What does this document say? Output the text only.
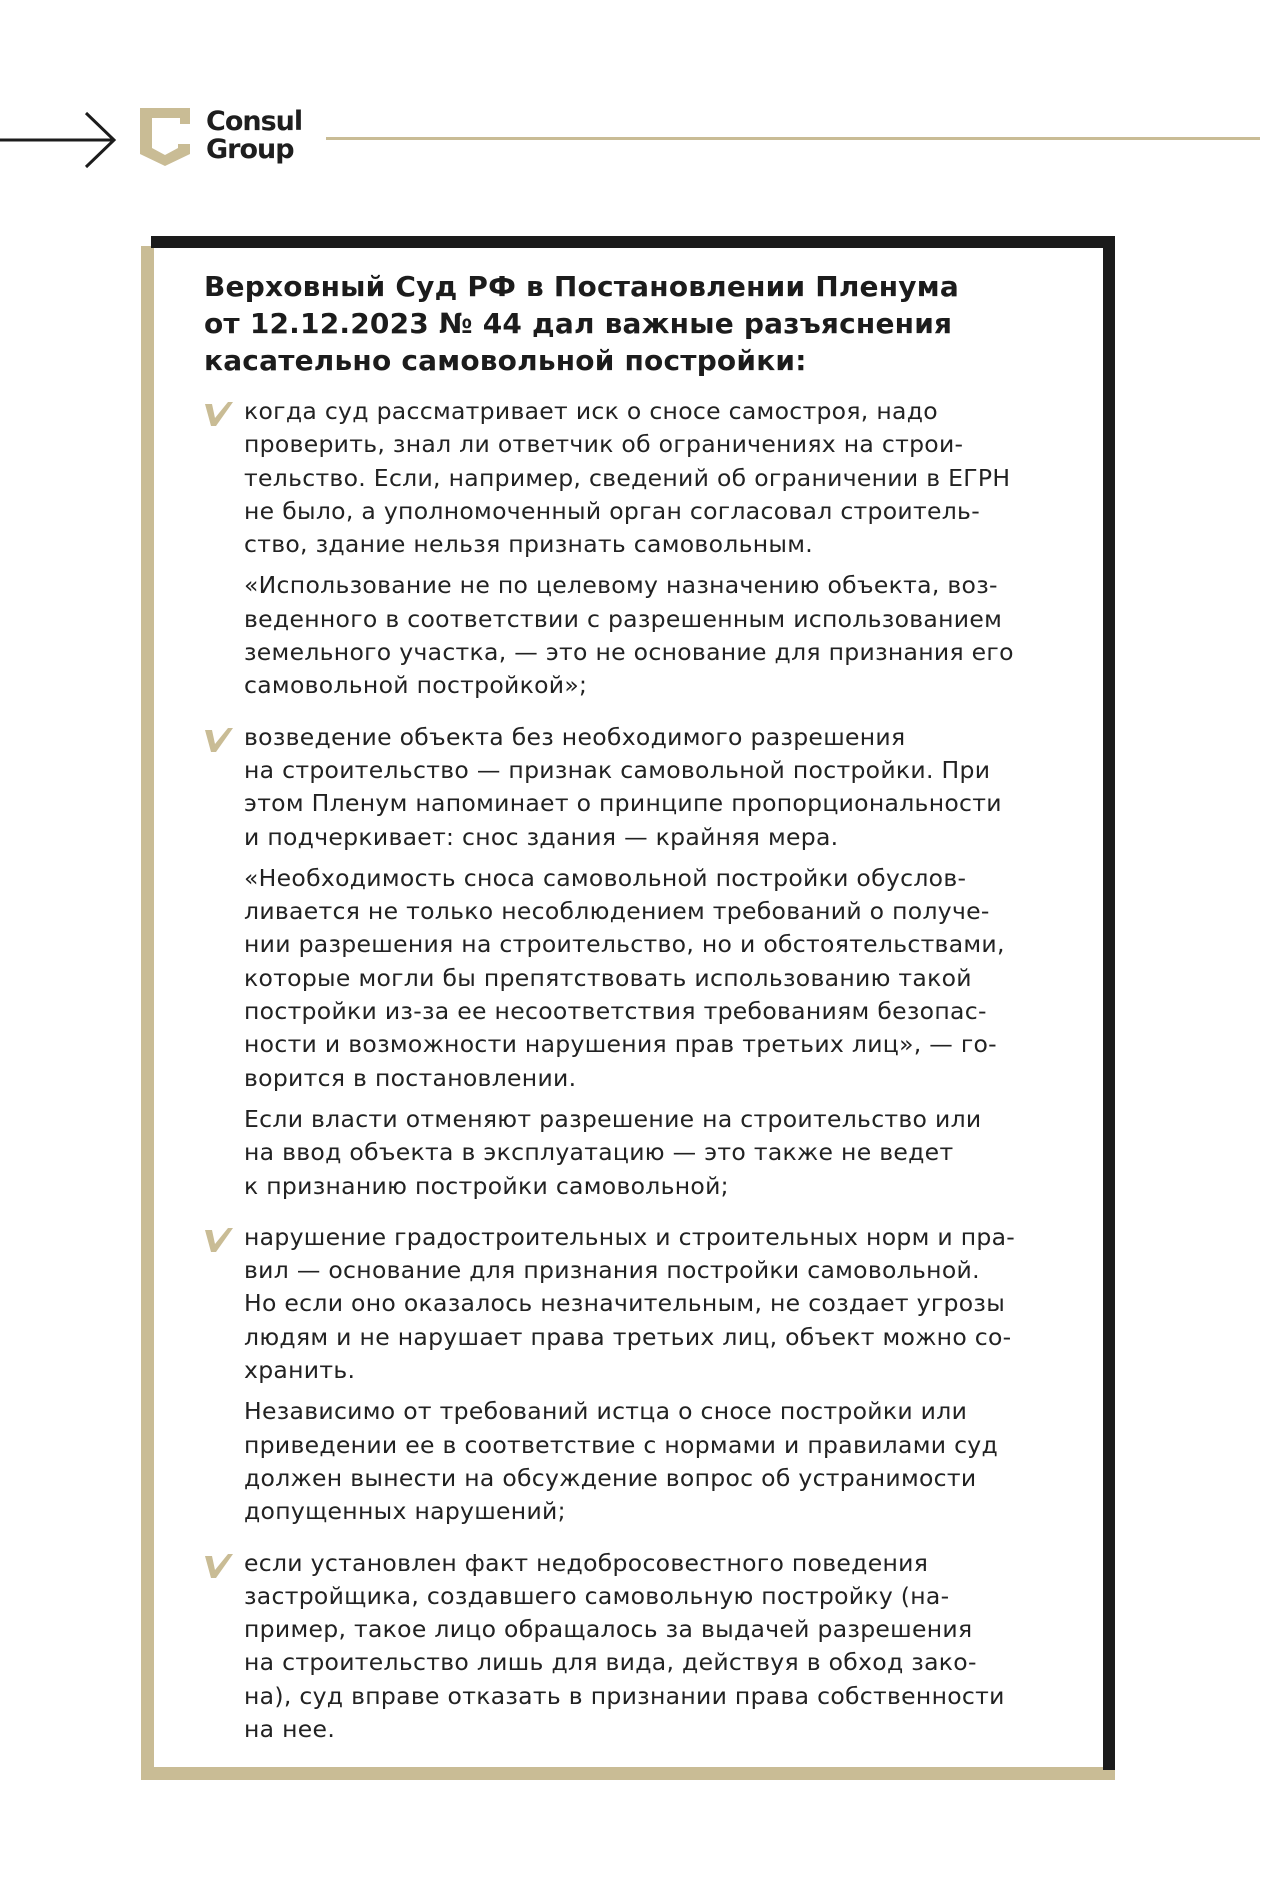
Consul
Group
Верховный Суд РФ в Постановлении Пленума
от 12.12.2023 № 44 дал важные разъяснения
касательно самовольной постройки:
когда суд рассматривает иск о сносе самостроя, надо
проверить, знал ли ответчик об ограничениях на строи-
тельство. Если, например, сведений об ограничении в ЕГРН
не было, а уполномоченный орган согласовал строитель-
ство, здание нельзя признать самовольным.
«Использование не по целевому назначению объекта, воз-
веденного в соответствии с разрешенным использованием
земельного участка, — это не основание для признания его
самовольной постройкой»;
возведение объекта без необходимого разрешения
на строительство — признак самовольной постройки. При
этом Пленум напоминает о принципе пропорциональности
и подчеркивает: снос здания — крайняя мера.
«Необходимость сноса самовольной постройки обуслов-
ливается не только несоблюдением требований о получе-
нии разрешения на строительство, но и обстоятельствами,
которые могли бы препятствовать использованию такой
постройки из-за ее несоответствия требованиям безопас-
ности и возможности нарушения прав третьих лиц», — го-
ворится в постановлении.
Если власти отменяют разрешение на строительство или
на ввод объекта в эксплуатацию — это также не ведет
к признанию постройки самовольной;
нарушение градостроительных и строительных норм и пра-
вил — основание для признания постройки самовольной.
Но если оно оказалось незначительным, не создает угрозы
людям и не нарушает права третьих лиц, объект можно со-
хранить.
Независимо от требований истца о сносе постройки или
приведении ее в соответствие с нормами и правилами суд
должен вынести на обсуждение вопрос об устранимости
допущенных нарушений;
если установлен факт недобросовестного поведения
застройщика, создавшего самовольную постройку (на-
пример, такое лицо обращалось за выдачей разрешения
на строительство лишь для вида, действуя в обход зако-
на), суд вправе отказать в признании права собственности
на нее.
